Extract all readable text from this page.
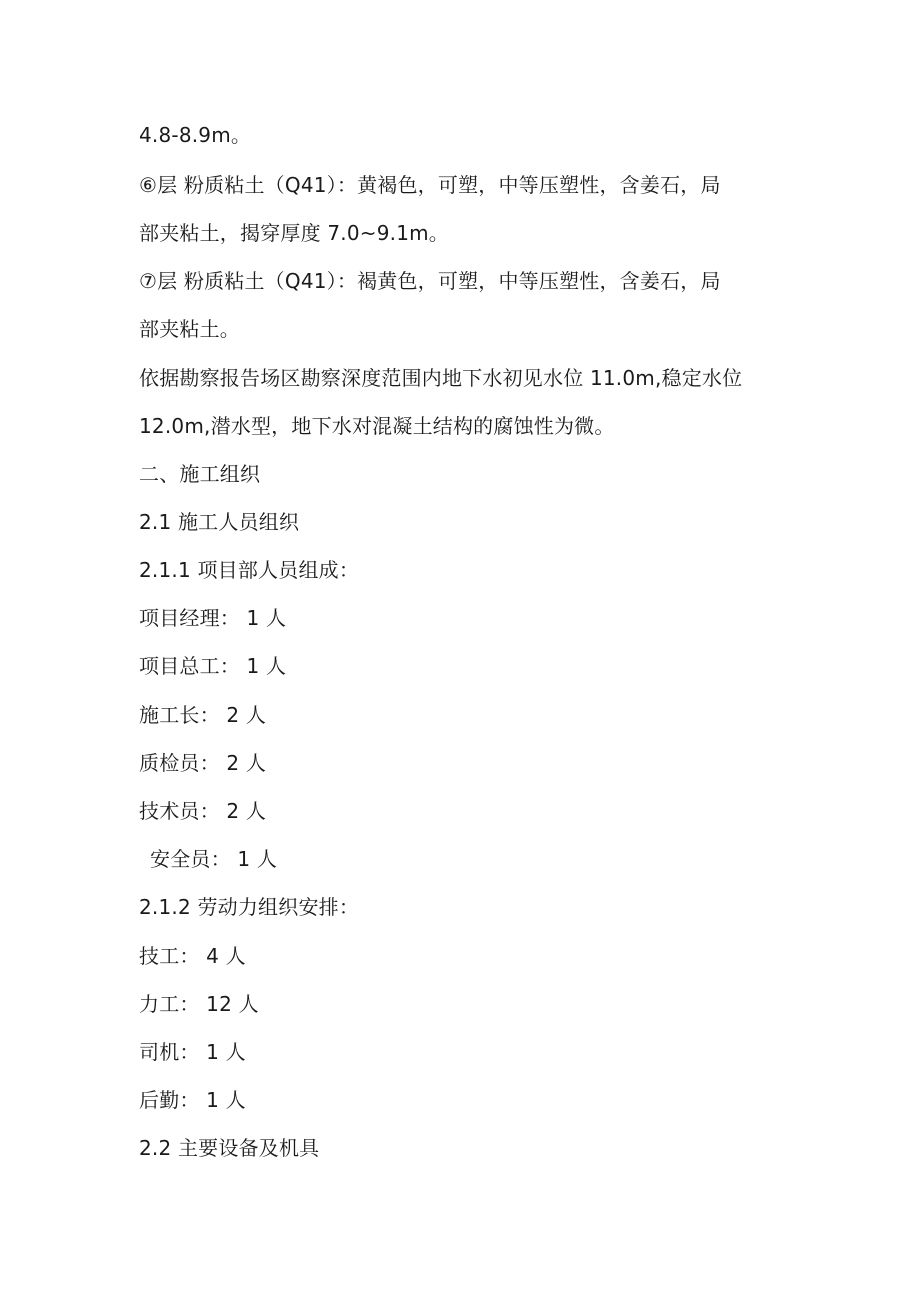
4.8-8.9m。
⑥层 粉质粘土（Q41）：黄褐色，可塑，中等压塑性，含姜石，局
部夹粘土，揭穿厚度 7.0~9.1m。
⑦层 粉质粘土（Q41）：褐黄色，可塑，中等压塑性，含姜石，局
部夹粘土。
依据勘察报告场区勘察深度范围内地下水初见水位 11.0m,稳定水位
12.0m,潜水型，地下水对混凝土结构的腐蚀性为微。
二、施工组织
2.1 施工人员组织
2.1.1 项目部人员组成：
项目经理： 1 人
项目总工： 1 人
施工长： 2 人
质检员： 2 人
技术员： 2 人
安全员： 1 人
2.1.2 劳动力组织安排：
技工： 4 人
力工： 12 人
司机： 1 人
后勤： 1 人
2.2 主要设备及机具
